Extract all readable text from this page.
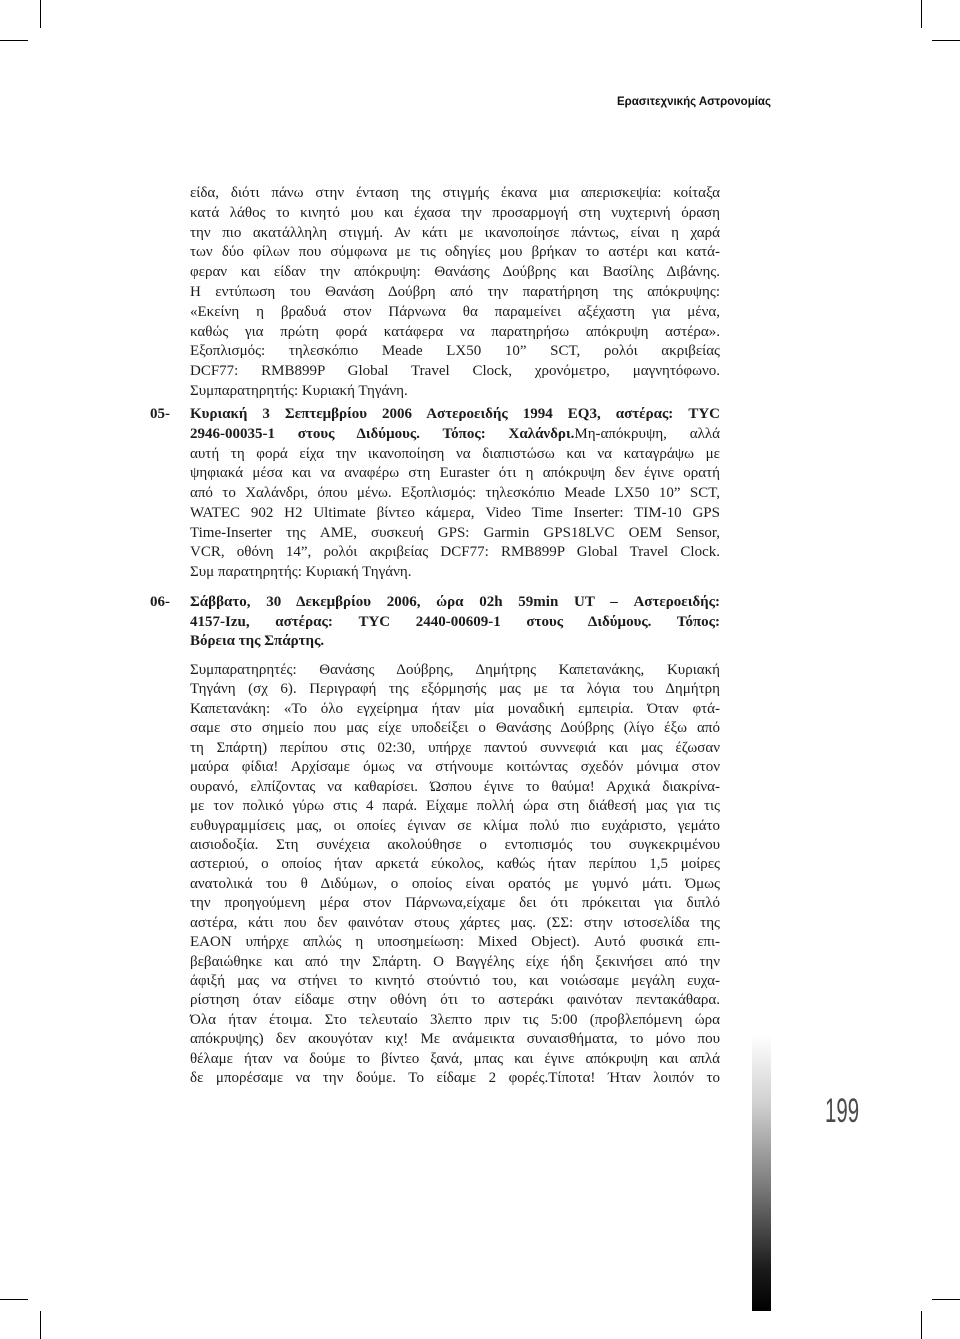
Ερασιτεχνικής Αστρονομίας
είδα, διότι πάνω στην ένταση της στιγμής έκανα μια απερισκεψία: κοίταξα
κατά λάθος το κινητό μου και έχασα την προσαρμογή στη νυχτερινή όραση
την πιο ακατάλληλη στιγμή. Αν κάτι με ικανοποίησε πάντως, είναι η χαρά
των δύο φίλων που σύμφωνα με τις οδηγίες μου βρήκαν το αστέρι και κατά-
φεραν και είδαν την απόκρυψη: Θανάσης Δούβρης και Βασίλης Διβάνης.
Η εντύπωση του Θανάση Δούβρη από την παρατήρηση της απόκρυψης:
«Εκείνη η βραδυά στον Πάρνωνα θα παραμείνει αξέχαστη για μένα,
καθώς για πρώτη φορά κατάφερα να παρατηρήσω απόκρυψη αστέρα».
Εξοπλισμός: τηλεσκόπιο Meade LX50 10” SCT, ρολόι ακριβείας
DCF77: RMB899P Global Travel Clock, χρονόμετρο, μαγνητόφωνο.
Συμπαρατηρητής: Κυριακή Τηγάνη.
05- Κυριακή 3 Σεπτεμβρίου 2006 Αστεροειδής 1994 EQ3, αστέρας: TYC
2946-00035-1 στους Διδύμους. Τόπος: Χαλάνδρι.Μη-απόκρυψη, αλλά
αυτή τη φορά είχα την ικανοποίηση να διαπιστώσω και να καταγράψω με
ψηφιακά μέσα και να αναφέρω στη Euraster ότι η απόκρυψη δεν έγινε ορατή
από το Χαλάνδρι, όπου μένω. Εξοπλισμός: τηλεσκόπιο Meade LX50 10” SCT,
WATEC 902 H2 Ultimate βίντεο κάμερα, Video Time Inserter: TIM-10 GPS
Time-Inserter της AME, συσκευή GPS: Garmin GPS18LVC OEM Sensor,
VCR, οθόνη 14”, ρολόι ακριβείας DCF77: RMB899P Global Travel Clock.
Συμ παρατηρητής: Κυριακή Τηγάνη.
06- Σάββατο, 30 Δεκεμβρίου 2006, ώρα 02h 59min UT – Αστεροειδής:
4157-Izu, αστέρας: TYC 2440-00609-1 στους Διδύμους. Τόπος:
Βόρεια της Σπάρτης.
Συμπαρατηρητές: Θανάσης Δούβρης, Δημήτρης Καπετανάκης, Κυριακή
Τηγάνη (σχ 6). Περιγραφή της εξόρμησής μας με τα λόγια του Δημήτρη
Καπετανάκη: «Το όλο εγχείρημα ήταν μία μοναδική εμπειρία. Όταν φτά-
σαμε στο σημείο που μας είχε υποδείξει ο Θανάσης Δούβρης (λίγο έξω από
τη Σπάρτη) περίπου στις 02:30, υπήρχε παντού συννεφιά και μας έζωσαν
μαύρα φίδια! Αρχίσαμε όμως να στήνουμε κοιτώντας σχεδόν μόνιμα στον
ουρανό, ελπίζοντας να καθαρίσει. Ώσπου έγινε το θαύμα! Αρχικά διακρίνα-
με τον πολικό γύρω στις 4 παρά. Είχαμε πολλή ώρα στη διάθεσή μας για τις
ευθυγραμμίσεις μας, οι οποίες έγιναν σε κλίμα πολύ πιο ευχάριστο, γεμάτο
αισιοδοξία. Στη συνέχεια ακολούθησε ο εντοπισμός του συγκεκριμένου
αστεριού, ο οποίος ήταν αρκετά εύκολος, καθώς ήταν περίπου 1,5 μοίρες
ανατολικά του θ Διδύμων, ο οποίος είναι ορατός με γυμνό μάτι. Όμως
την προηγούμενη μέρα στον Πάρνωνα,είχαμε δει ότι πρόκειται για διπλό
αστέρα, κάτι που δεν φαινόταν στους χάρτες μας. (ΣΣ: στην ιστοσελίδα της
EAON υπήρχε απλώς η υποσημείωση: Mixed Object). Αυτό φυσικά επι-
βεβαιώθηκε και από την Σπάρτη. Ο Βαγγέλης είχε ήδη ξεκινήσει από την
άφιξή μας να στήνει το κινητό στούντιό του, και νοιώσαμε μεγάλη ευχα-
ρίστηση όταν είδαμε στην οθόνη ότι το αστεράκι φαινόταν πεντακάθαρα.
Όλα ήταν έτοιμα. Στο τελευταίο 3λεπτο πριν τις 5:00 (προβλεπόμενη ώρα
απόκρυψης) δεν ακουγόταν κιχ! Με ανάμεικτα συναισθήματα, το μόνο που
θέλαμε ήταν να δούμε το βίντεο ξανά, μπας και έγινε απόκρυψη και απλά
δε μπορέσαμε να την δούμε. Το είδαμε 2 φορές.Τίποτα! Ήταν λοιπόν το
199
